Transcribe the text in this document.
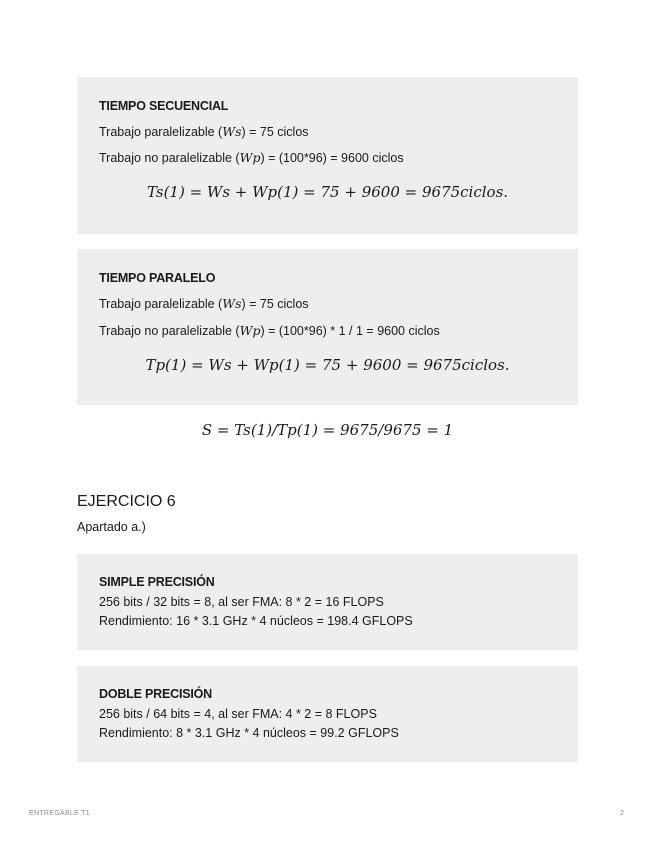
TIEMPO SECUENCIAL
Trabajo paralelizable (Ws) = 75 ciclos
Trabajo no paralelizable (Wp) = (100*96) = 9600 ciclos
Ts(1) = Ws + Wp(1) = 75 + 9600 = 9675ciclos.
TIEMPO PARALELO
Trabajo paralelizable (Ws) = 75 ciclos
Trabajo no paralelizable (Wp) = (100*96) * 1 / 1 = 9600 ciclos
Tp(1) = Ws + Wp(1) = 75 + 9600 = 9675ciclos.
S = Ts(1)/Tp(1) = 9675/9675 = 1
EJERCICIO 6
Apartado a.)
SIMPLE PRECISIÓN
256 bits / 32 bits = 8, al ser FMA: 8 * 2 = 16 FLOPS
Rendimiento: 16 * 3.1 GHz * 4 núcleos = 198.4 GFLOPS
DOBLE PRECISIÓN
256 bits / 64 bits = 4, al ser FMA: 4 * 2 = 8 FLOPS
Rendimiento: 8 * 3.1 GHz * 4 núcleos = 99.2 GFLOPS
ENTREGABLE T1	2
